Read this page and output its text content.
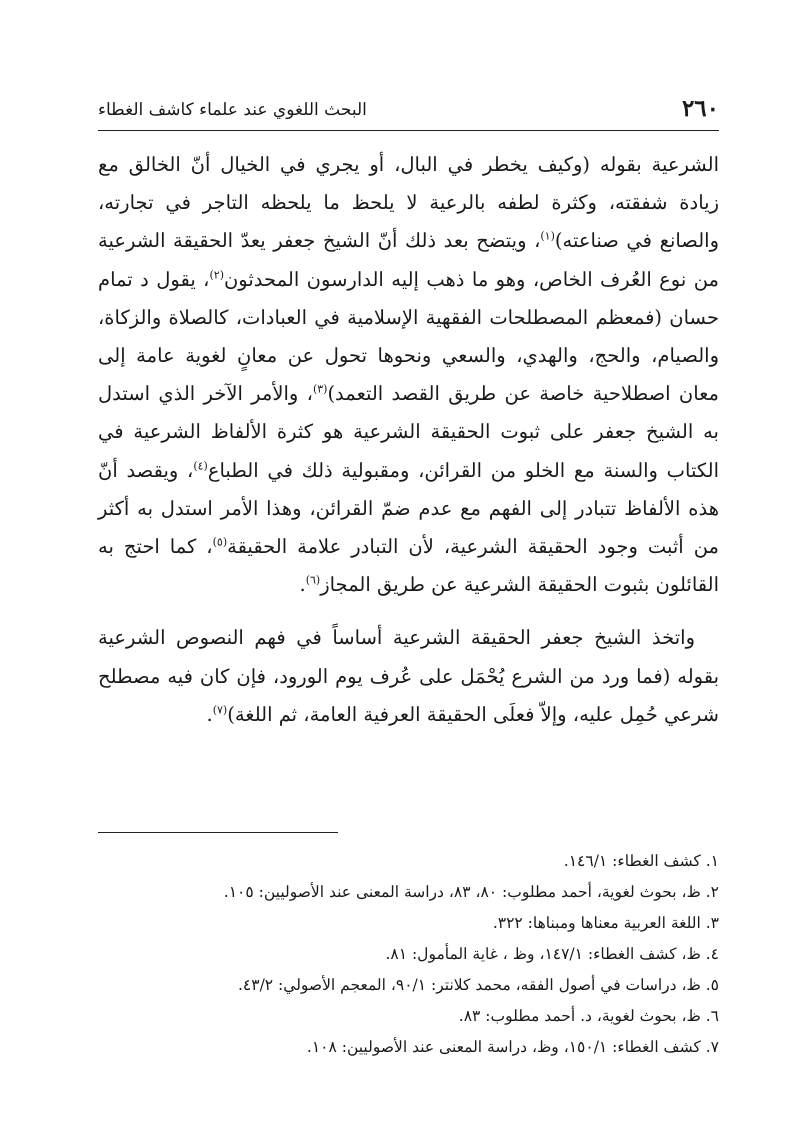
٢٦٠
البحث اللغوي عند علماء كاشف الغطاء

الشرعية بقوله (وكيف يخطر في البال، أو يجري في الخيال أنّ الخالق مع زيادة شفقته، وكثرة لطفه بالرعية لا يلحظ ما يلحظه التاجر في تجارته، والصانع في صناعته)$^{(١)}$، ويتضح بعد ذلك أنّ الشيخ جعفر يعدّ الحقيقة الشرعية من نوع العُرف الخاص، وهو ما ذهب إليه الدارسون المحدثون$^{(٢)}$، يقول د تمام حسان (فمعظم المصطلحات الفقهية الإسلامية في العبادات، كالصلاة والزكاة، والصيام، والحج، والهدي، والسعي ونحوها تحول عن معانٍ لغوية عامة إلى معان اصطلاحية خاصة عن طريق القصد التعمد)$^{(٣)}$، والأمر الآخر الذي استدل به الشيخ جعفر على ثبوت الحقيقة الشرعية هو كثرة الألفاظ الشرعية في الكتاب والسنة مع الخلو من القرائن، ومقبولية ذلك في الطباع$^{(٤)}$، ويقصد أنّ هذه الألفاظ تتبادر إلى الفهم مع عدم ضمّ القرائن، وهذا الأمر استدل به أكثر من أثبت وجود الحقيقة الشرعية، لأن التبادر علامة الحقيقة$^{(٥)}$، كما احتج به القائلون بثبوت الحقيقة الشرعية عن طريق المجاز$^{(٦)}$.

واتخذ الشيخ جعفر الحقيقة الشرعية أساساً في فهم النصوص الشرعية بقوله (فما ورد من الشرع يُحْمَل على عُرف يوم الورود، فإن كان فيه مصطلح شرعي حُمِل عليه، وإلاّ فعلَى الحقيقة العرفية العامة، ثم اللغة)$^{(٧)}$.

١. كشف الغطاء: ١٤٦/١.

٢. ظ، بحوث لغوية، أحمد مطلوب: ٨٠، ٨٣، دراسة المعنى عند الأصوليين: ١٠٥.

٣. اللغة العربية معناها ومبناها: ٣٢٢.

٤. ظ، كشف الغطاء: ١٤٧/١، وظ ، غاية المأمول: ٨١.

٥. ظ، دراسات في أصول الفقه، محمد كلانتر: ٩٠/١، المعجم الأصولي: ٤٣/٢.

٦. ظ، بحوث لغوية، د. أحمد مطلوب: ٨٣.

٧. كشف الغطاء: ١٥٠/١، وظ، دراسة المعنى عند الأصوليين: ١٠٨.
